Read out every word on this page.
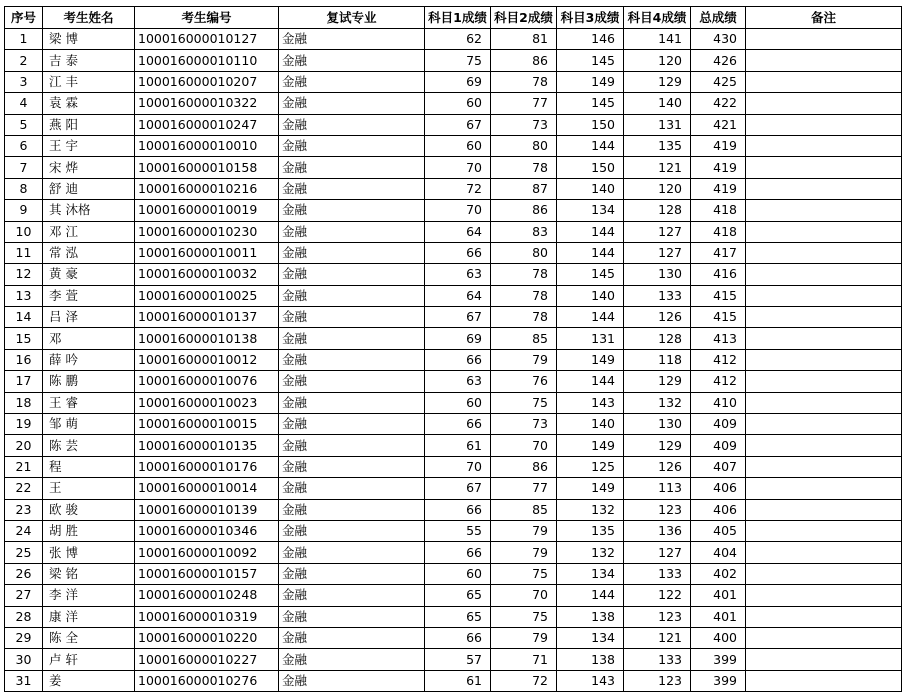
序号	考生姓名	考生编号	复试专业	科目1成绩	科目2成绩	科目3成绩	科目4成绩	总成绩	备注
1	梁 博	100016000010127	金融	62	81	146	141	430	
2	吉 泰	100016000010110	金融	75	86	145	120	426	
3	江 丰	100016000010207	金融	69	78	149	129	425	
4	袁 霖	100016000010322	金融	60	77	145	140	422	
5	燕 阳	100016000010247	金融	67	73	150	131	421	
6	王 宇	100016000010010	金融	60	80	144	135	419	
7	宋 烨	100016000010158	金融	70	78	150	121	419	
8	舒 迪	100016000010216	金融	72	87	140	120	419	
9	其 沐格	100016000010019	金融	70	86	134	128	418	
10	邓 江	100016000010230	金融	64	83	144	127	418	
11	常 泓	100016000010011	金融	66	80	144	127	417	
12	黄 豪	100016000010032	金融	63	78	145	130	416	
13	李 萱	100016000010025	金融	64	78	140	133	415	
14	吕 泽	100016000010137	金融	67	78	144	126	415	
15	邓	100016000010138	金融	69	85	131	128	413	
16	薛 吟	100016000010012	金融	66	79	149	118	412	
17	陈 鹏	100016000010076	金融	63	76	144	129	412	
18	王 睿	100016000010023	金融	60	75	143	132	410	
19	邹 萌	100016000010015	金融	66	73	140	130	409	
20	陈 芸	100016000010135	金融	61	70	149	129	409	
21	程	100016000010176	金融	70	86	125	126	407	
22	王	100016000010014	金融	67	77	149	113	406	
23	欧 骏	100016000010139	金融	66	85	132	123	406	
24	胡 胜	100016000010346	金融	55	79	135	136	405	
25	张 博	100016000010092	金融	66	79	132	127	404	
26	梁 铭	100016000010157	金融	60	75	134	133	402	
27	李 洋	100016000010248	金融	65	70	144	122	401	
28	康 洋	100016000010319	金融	65	75	138	123	401	
29	陈 全	100016000010220	金融	66	79	134	121	400	
30	卢 轩	100016000010227	金融	57	71	138	133	399	
31	姜	100016000010276	金融	61	72	143	123	399	
